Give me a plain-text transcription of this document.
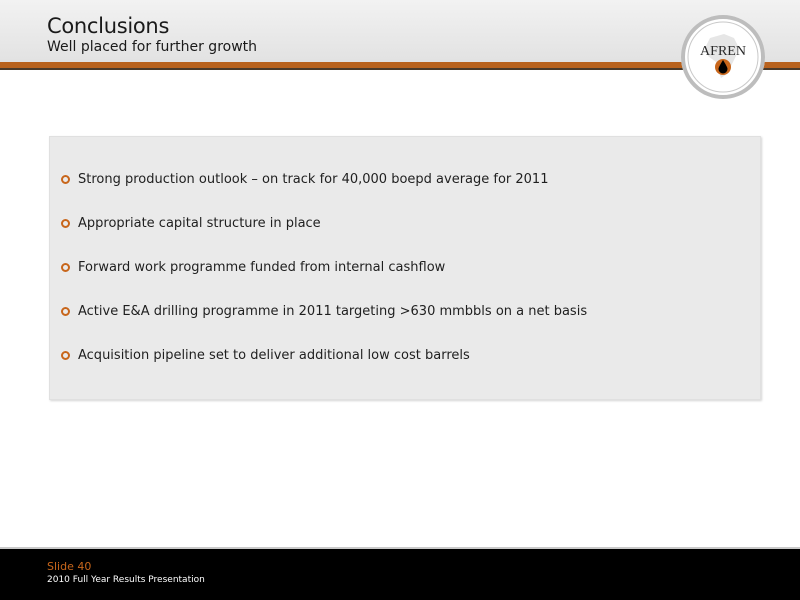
Conclusions
Well placed for further growth	AFREN
Strong production outlook – on track for 40,000 boepd average for 2011
Appropriate capital structure in place
Forward work programme funded from internal cashflow
Active E&A drilling programme in 2011 targeting >630 mmbbls on a net basis
Acquisition pipeline set to deliver additional low cost barrels
Slide 40
2010 Full Year Results Presentation
